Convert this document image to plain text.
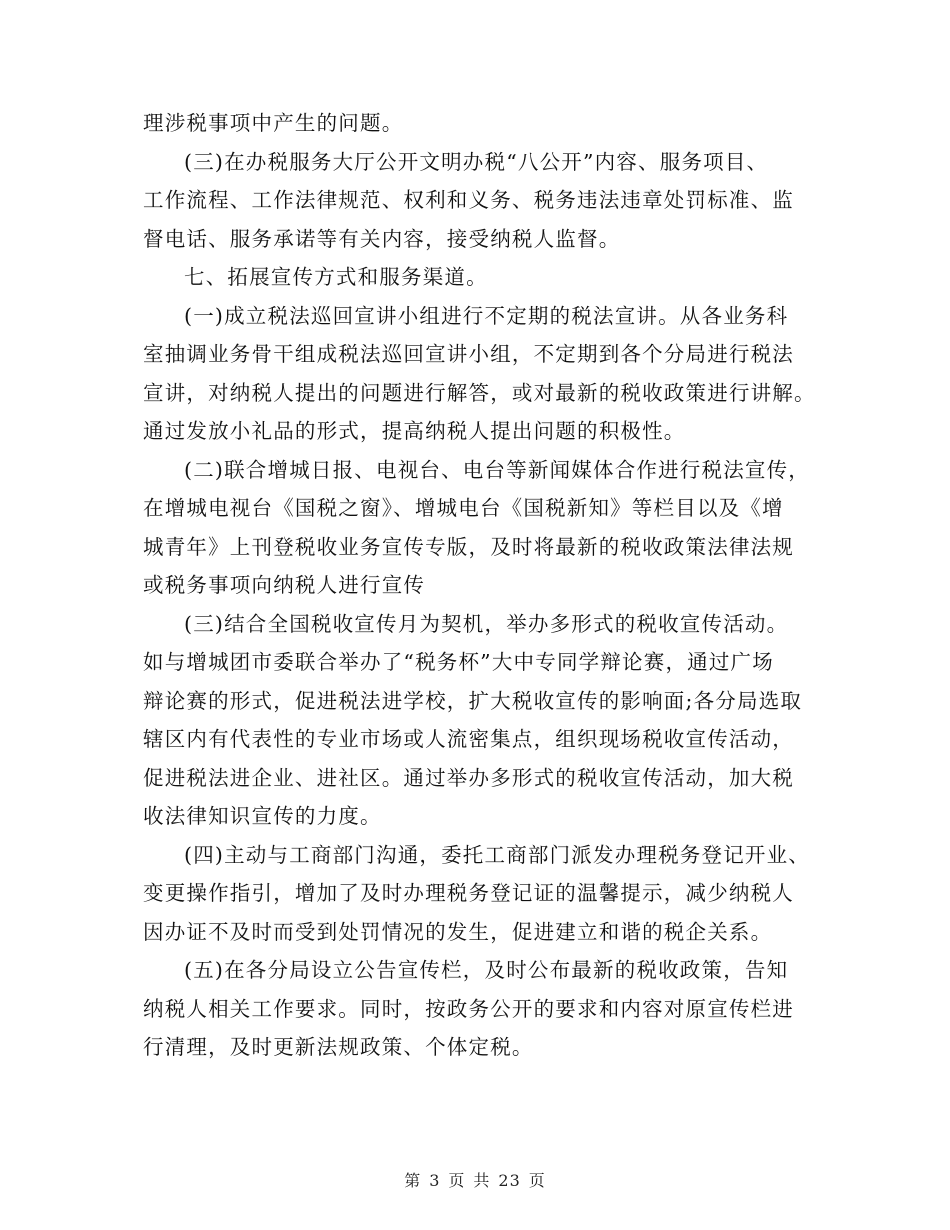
理涉税事项中产生的问题。

(三)在办税服务大厅公开文明办税“八公开”内容、服务项目、
工作流程、工作法律规范、权利和义务、税务违法违章处罚标准、监
督电话、服务承诺等有关内容，接受纳税人监督。

七、拓展宣传方式和服务渠道。

(一)成立税法巡回宣讲小组进行不定期的税法宣讲。从各业务科
室抽调业务骨干组成税法巡回宣讲小组，不定期到各个分局进行税法
宣讲，对纳税人提出的问题进行解答，或对最新的税收政策进行讲解。
通过发放小礼品的形式，提高纳税人提出问题的积极性。

(二)联合增城日报、电视台、电台等新闻媒体合作进行税法宣传，
在增城电视台《国税之窗》、增城电台《国税新知》等栏目以及《增
城青年》上刊登税收业务宣传专版，及时将最新的税收政策法律法规
或税务事项向纳税人进行宣传

(三)结合全国税收宣传月为契机，举办多形式的税收宣传活动。
如与增城团市委联合举办了“税务杯”大中专同学辩论赛，通过广场
辩论赛的形式，促进税法进学校，扩大税收宣传的影响面;各分局选取
辖区内有代表性的专业市场或人流密集点，组织现场税收宣传活动，
促进税法进企业、进社区。通过举办多形式的税收宣传活动，加大税
收法律知识宣传的力度。

(四)主动与工商部门沟通，委托工商部门派发办理税务登记开业、
变更操作指引，增加了及时办理税务登记证的温馨提示，减少纳税人
因办证不及时而受到处罚情况的发生，促进建立和谐的税企关系。

(五)在各分局设立公告宣传栏，及时公布最新的税收政策，告知
纳税人相关工作要求。同时，按政务公开的要求和内容对原宣传栏进
行清理，及时更新法规政策、个体定税。

第 3 页 共 23 页
